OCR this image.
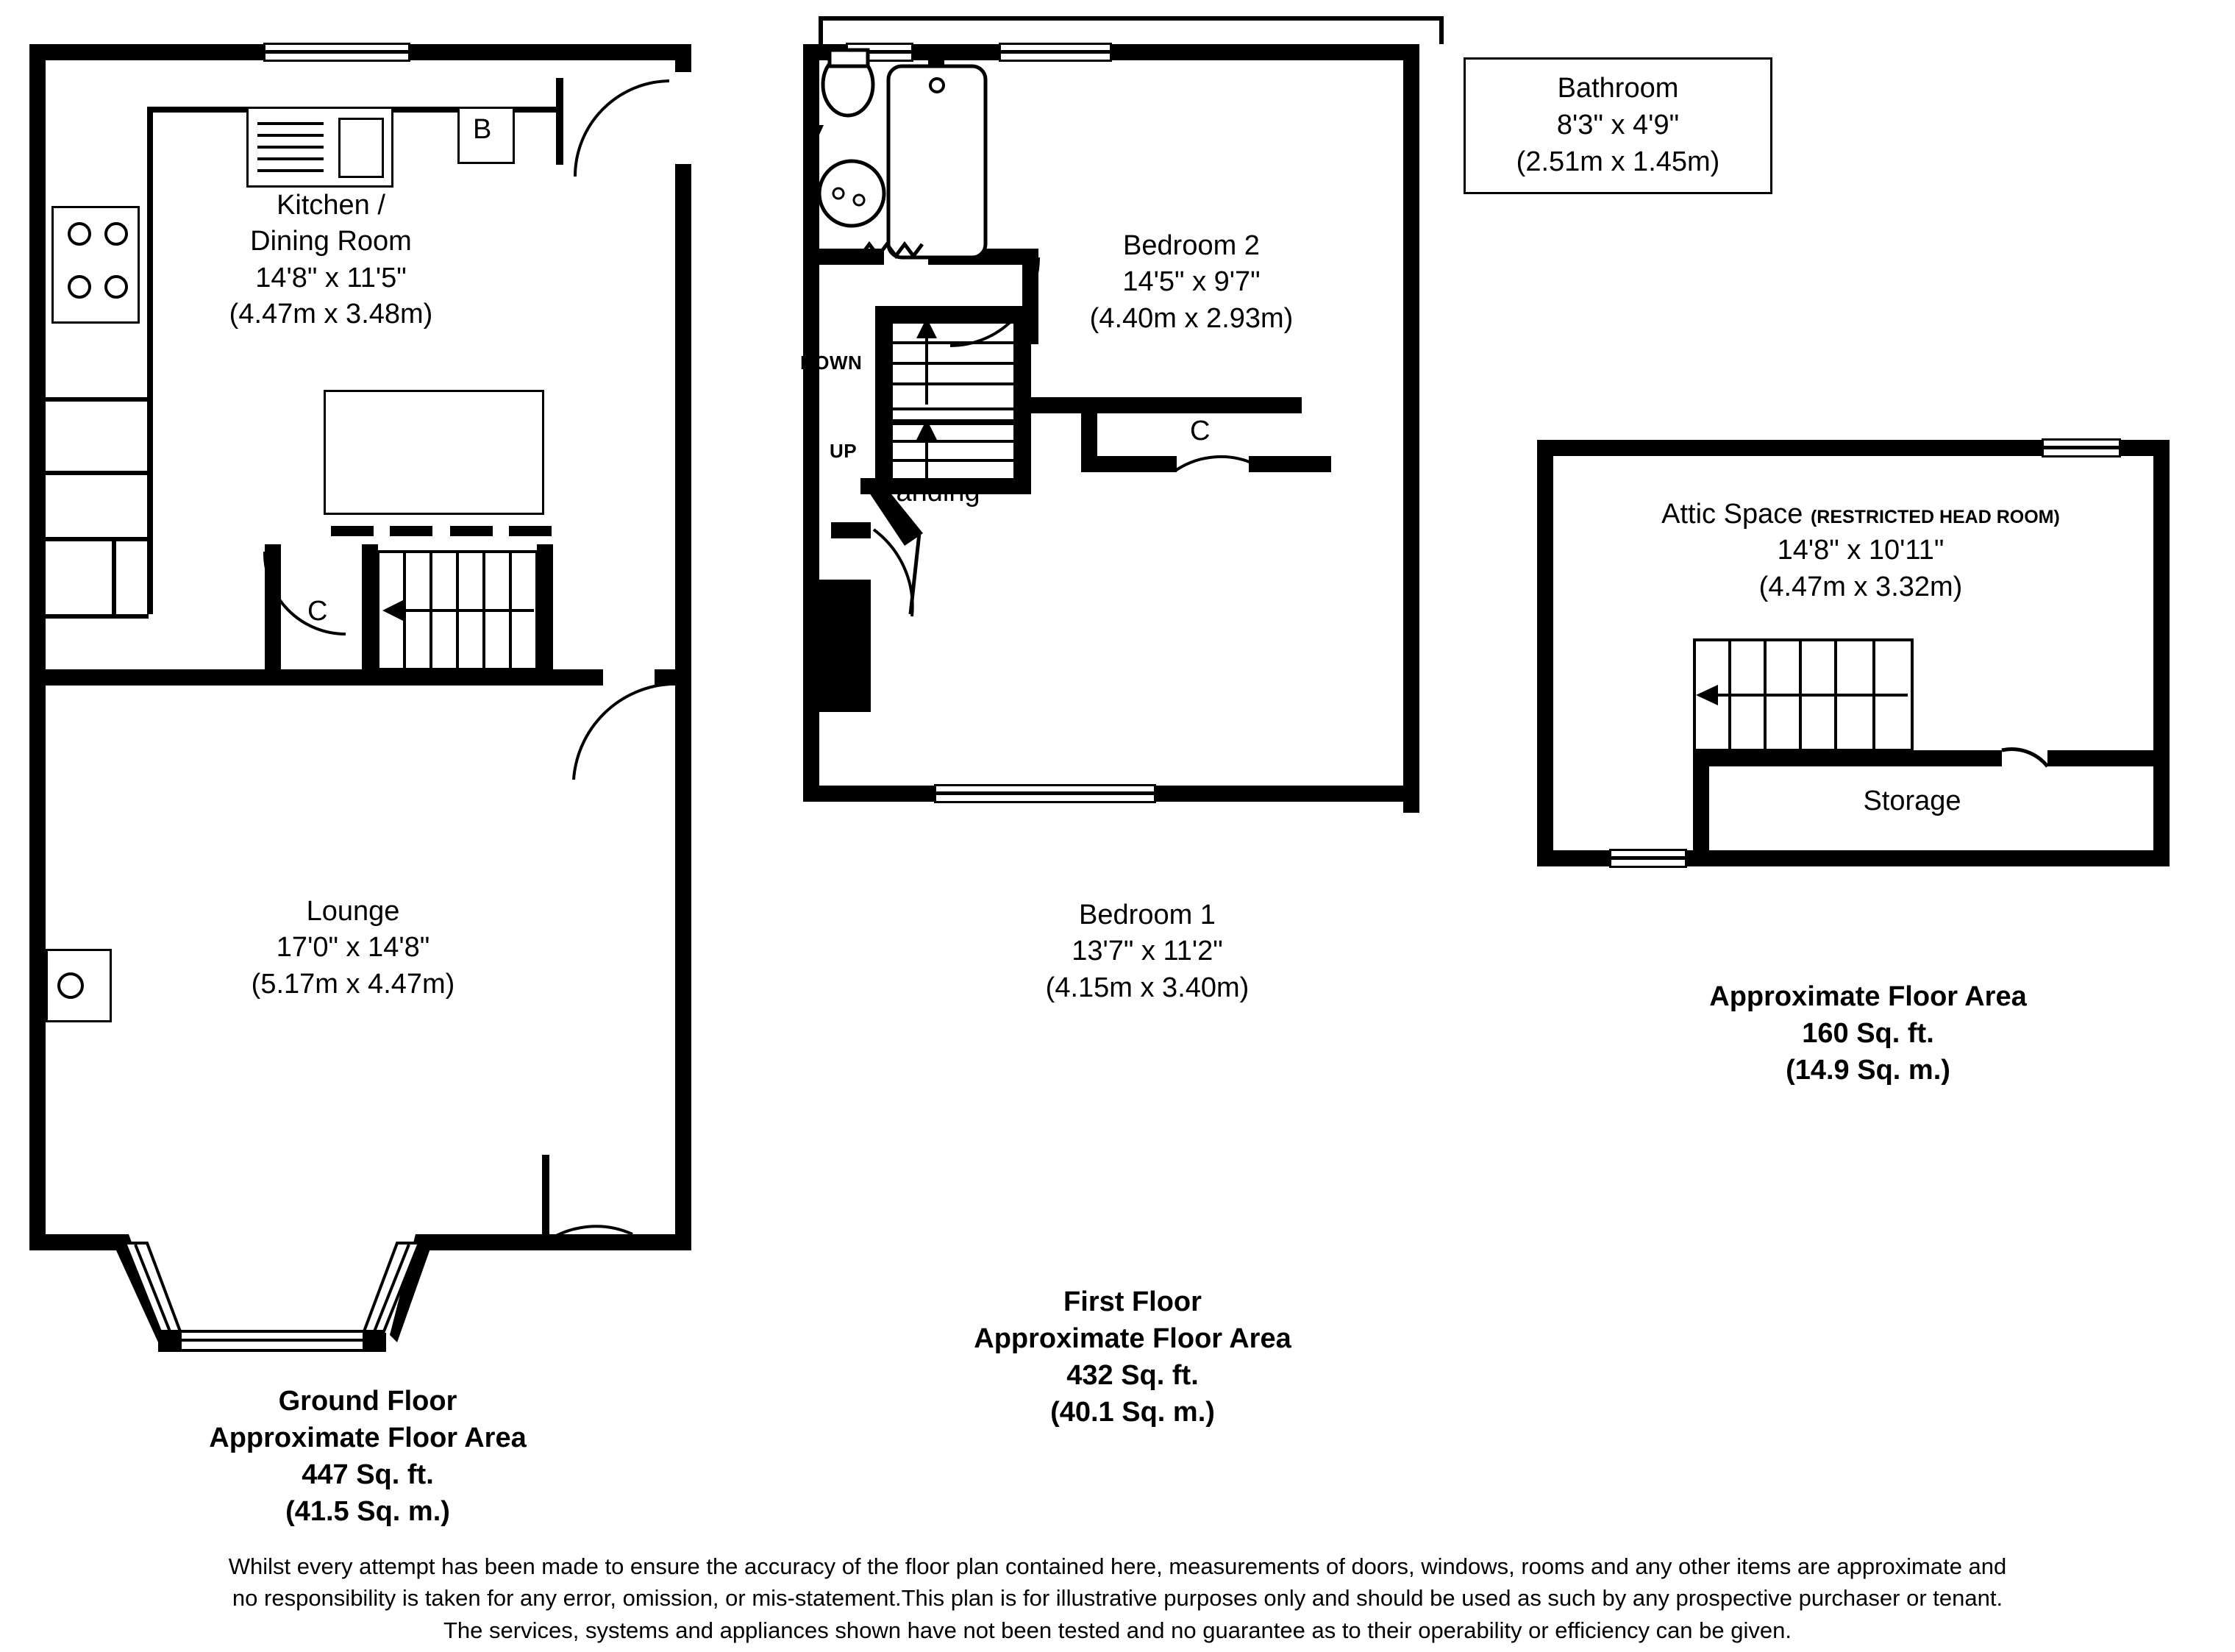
B
C
Kitchen /
Dining Room
14'8" x 11'5"
(4.47m x 3.48m)
Lounge
17'0" x 14'8"
(5.17m x 4.47m)
Ground Floor
Approximate Floor Area
447 Sq. ft.
(41.5 Sq. m.)
DOWN
UP
C
Bedroom 2
14'5" x 9'7"
(4.40m x 2.93m)
Landing
Bedroom 1
13'7" x 11'2"
(4.15m x 3.40m)
Bathroom
8'3" x 4'9"
(2.51m x 1.45m)
First Floor
Approximate Floor Area
432 Sq. ft.
(40.1 Sq. m.)
Attic Space (RESTRICTED HEAD ROOM)
14'8" x 10'11"
(4.47m x 3.32m)
Storage
Approximate Floor Area
160 Sq. ft.
(14.9 Sq. m.)
Whilst every attempt has been made to ensure the accuracy of the floor plan contained here, measurements of doors, windows, rooms and any other items are approximate and
no responsibility is taken for any error, omission, or mis-statement.This plan is for illustrative purposes only and should be used as such by any prospective purchaser or tenant.
The services, systems and appliances shown have not been tested and no guarantee as to their operability or efficiency can be given.
